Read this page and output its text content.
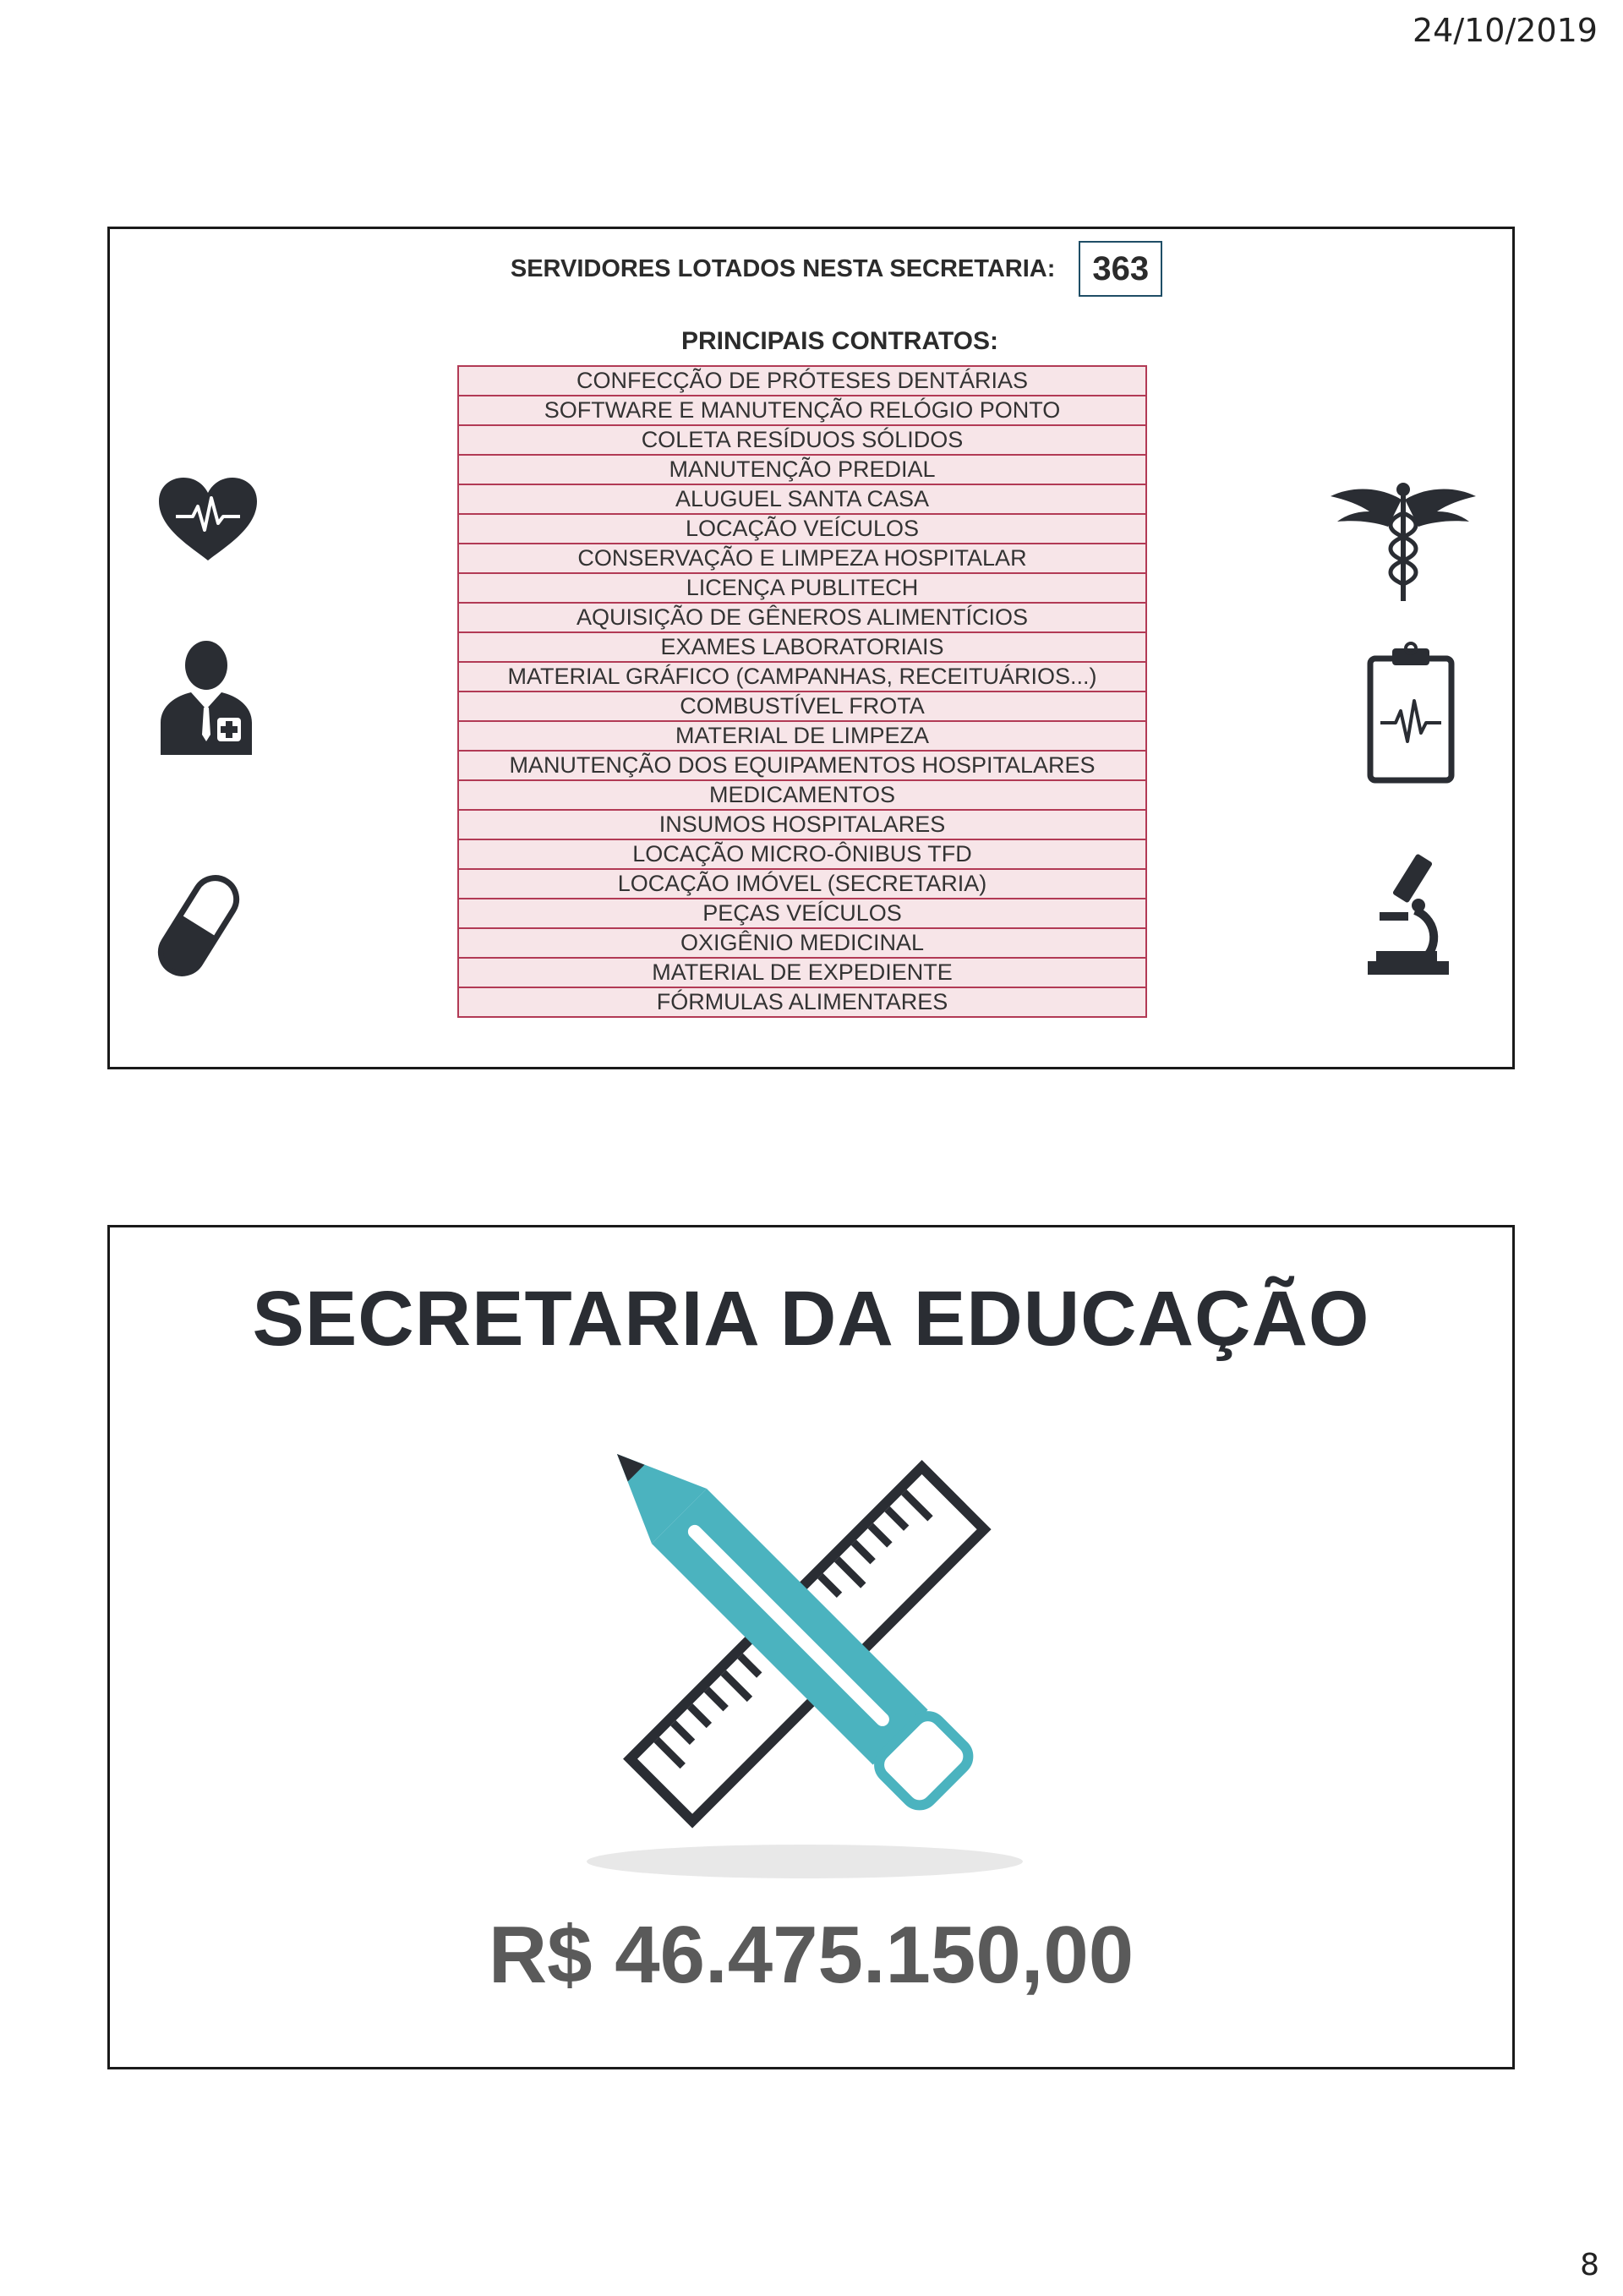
24/10/2019
SERVIDORES LOTADOS NESTA SECRETARIA:	363
PRINCIPAIS CONTRATOS:
CONFECÇÃO DE PRÓTESES DENTÁRIAS
SOFTWARE E MANUTENÇÃO RELÓGIO PONTO
COLETA RESÍDUOS SÓLIDOS
MANUTENÇÃO PREDIAL
ALUGUEL SANTA CASA
LOCAÇÃO VEÍCULOS
CONSERVAÇÃO E LIMPEZA HOSPITALAR
LICENÇA PUBLITECH
AQUISIÇÃO DE GÊNEROS ALIMENTÍCIOS
EXAMES LABORATORIAIS
MATERIAL GRÁFICO (CAMPANHAS, RECEITUÁRIOS...)
COMBUSTÍVEL FROTA
MATERIAL DE LIMPEZA
MANUTENÇÃO DOS EQUIPAMENTOS HOSPITALARES
MEDICAMENTOS
INSUMOS HOSPITALARES
LOCAÇÃO MICRO-ÔNIBUS TFD
LOCAÇÃO IMÓVEL (SECRETARIA)
PEÇAS VEÍCULOS
OXIGÊNIO MEDICINAL
MATERIAL DE EXPEDIENTE
FÓRMULAS ALIMENTARES
SECRETARIA DA EDUCAÇÃO
R$ 46.475.150,00
8
